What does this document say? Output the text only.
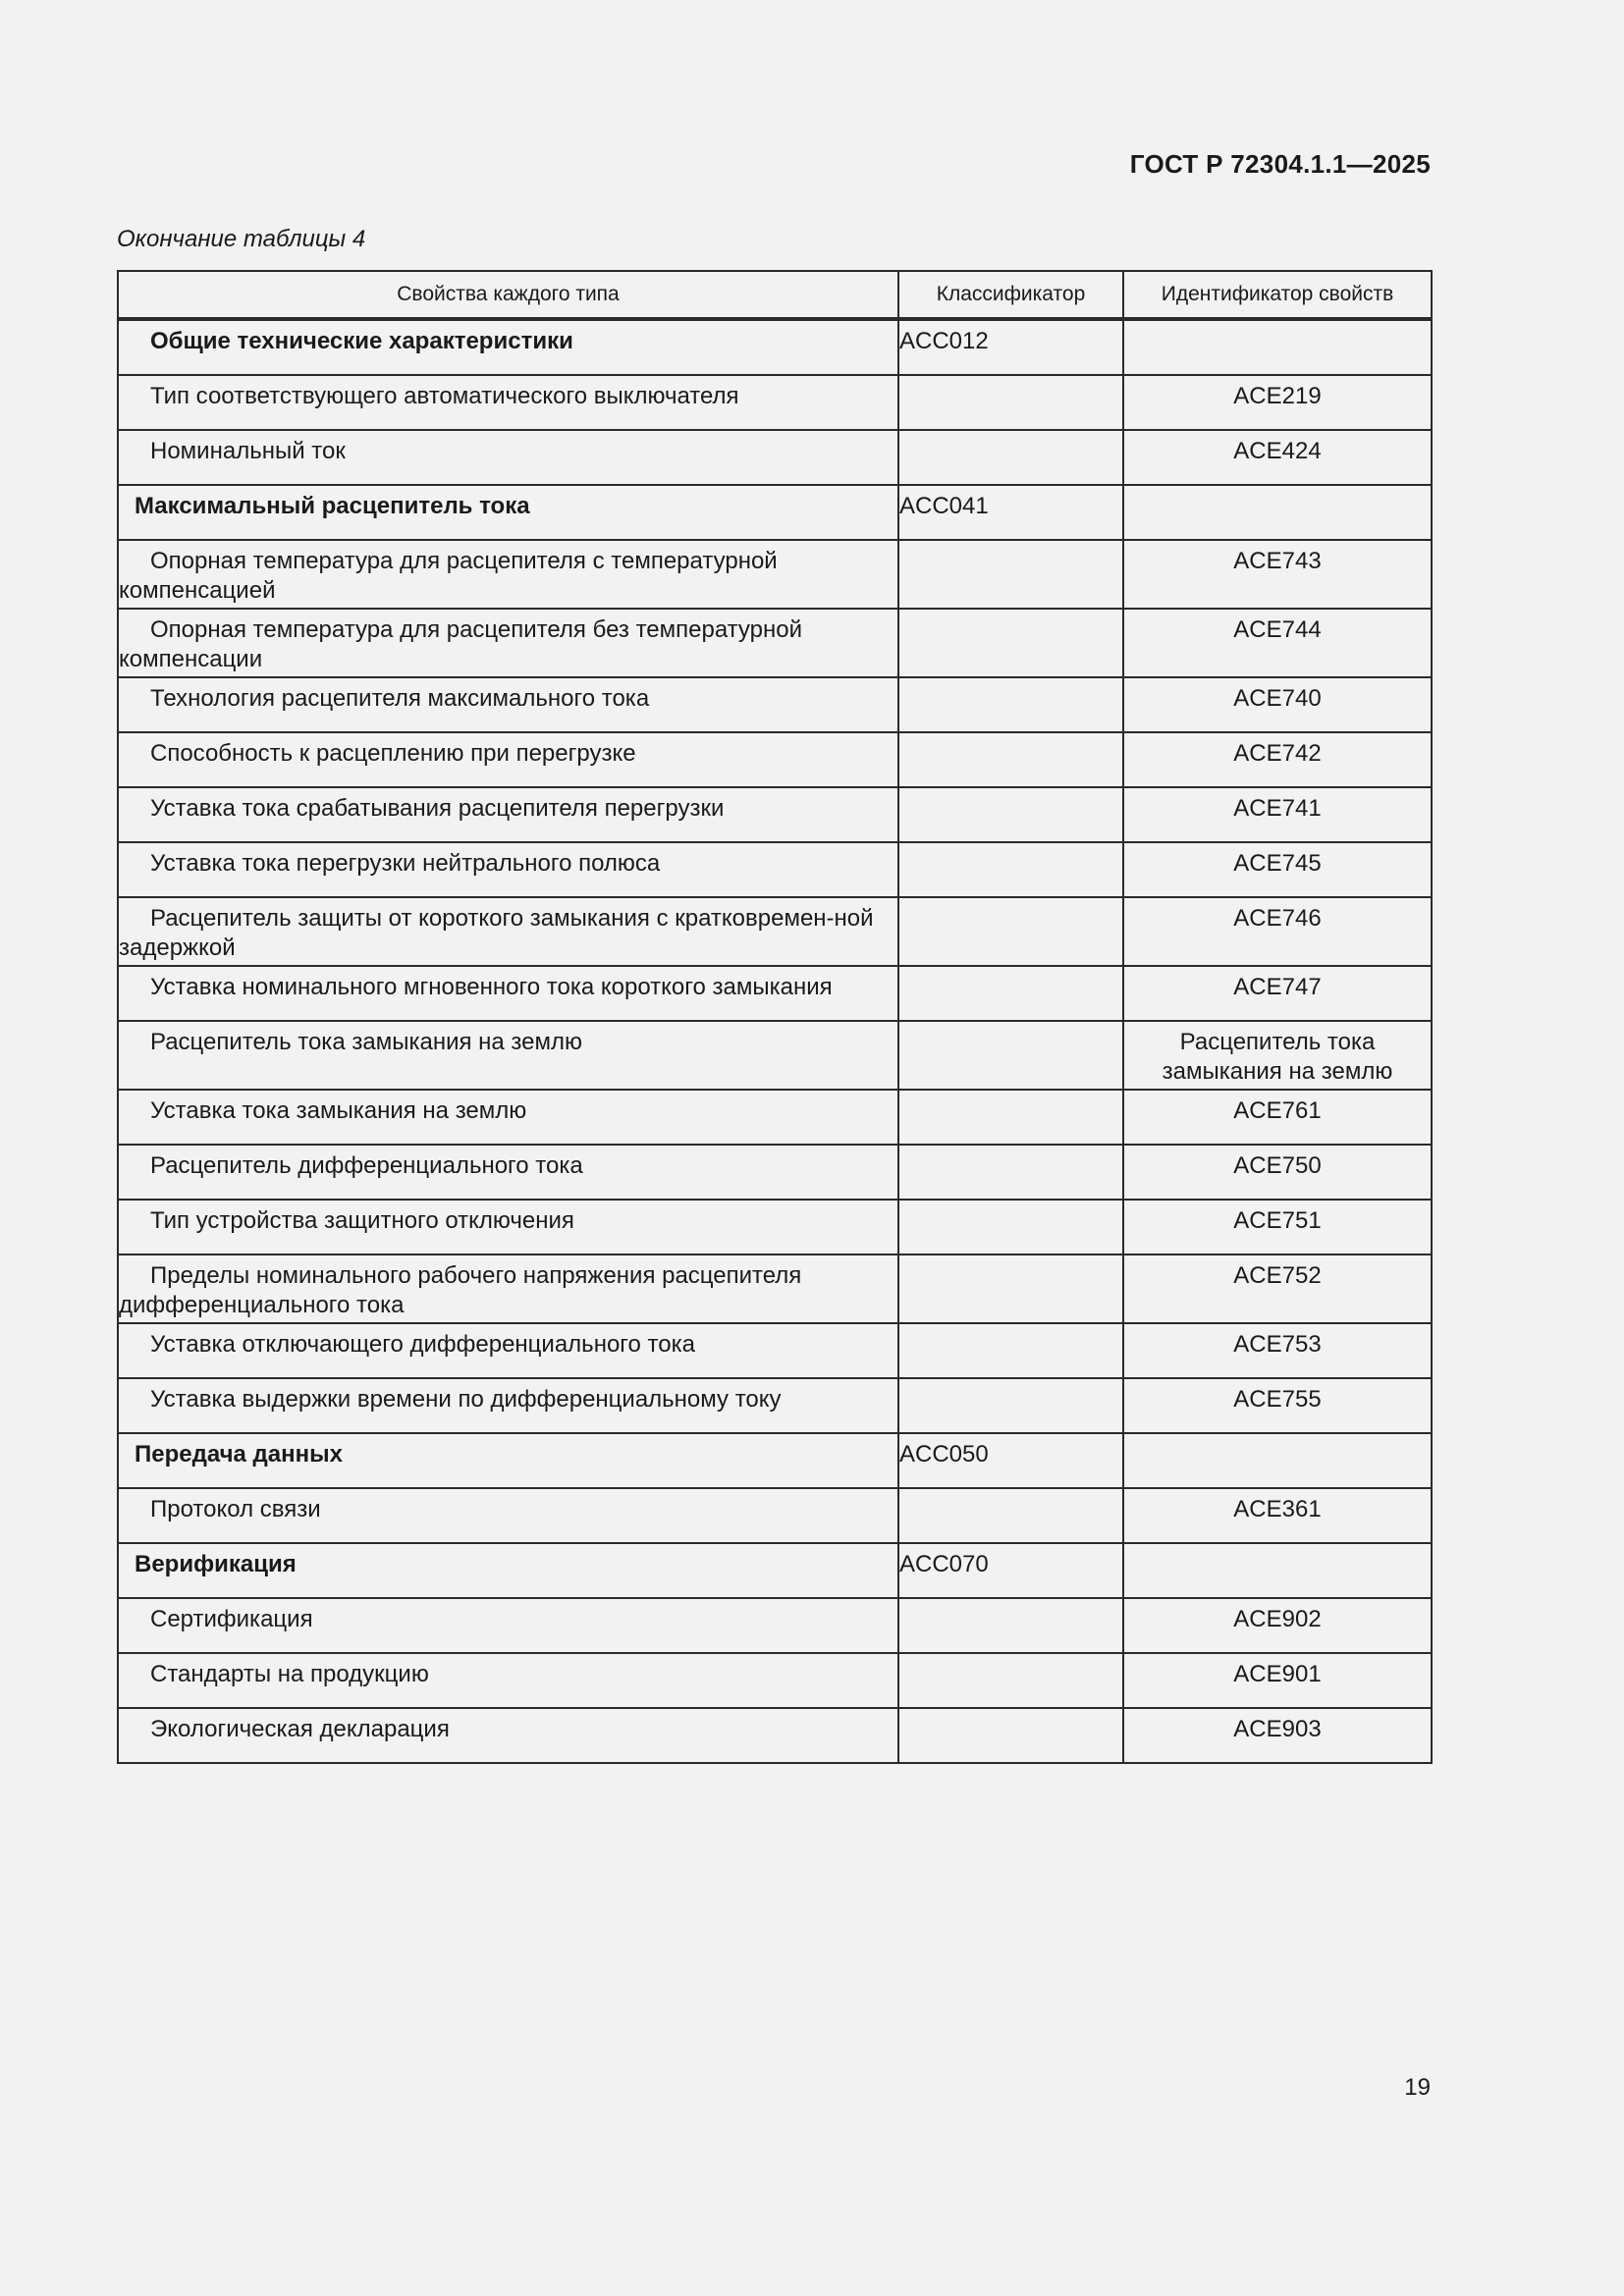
ГОСТ Р 72304.1.1—2025
Окончание таблицы 4
Свойства каждого типа	Классификатор	Идентификатор свойств

Общие технические характеристики	ACC012	

Тип соответствующего автоматического выключателя		ACE219

Номинальный ток		ACE424

Максимальный расцепитель тока	ACC041	

Опорная температура для расцепителя с температурной компенсацией		ACE743

Опорная температура для расцепителя без температурной компенсации		ACE744

Технология расцепителя максимального тока		ACE740

Способность к расцеплению при перегрузке		ACE742

Уставка тока срабатывания расцепителя перегрузки		ACE741

Уставка тока перегрузки нейтрального полюса		ACE745

Расцепитель защиты от короткого замыкания с кратковремен-ной задержкой		ACE746

Уставка номинального мгновенного тока короткого замыкания		ACE747

Расцепитель тока замыкания на землю		Расцепитель тока замыкания на землю

Уставка тока замыкания на землю		ACE761

Расцепитель дифференциального тока		ACE750

Тип устройства защитного отключения		ACE751

Пределы номинального рабочего напряжения расцепителя дифференциального тока		ACE752

Уставка отключающего дифференциального тока		ACE753

Уставка выдержки времени по дифференциальному току		ACE755

Передача данных	ACC050	

Протокол связи		ACE361

Верификация	ACC070	

Сертификация		ACE902

Стандарты на продукцию		ACE901

Экологическая декларация		ACE903
19
